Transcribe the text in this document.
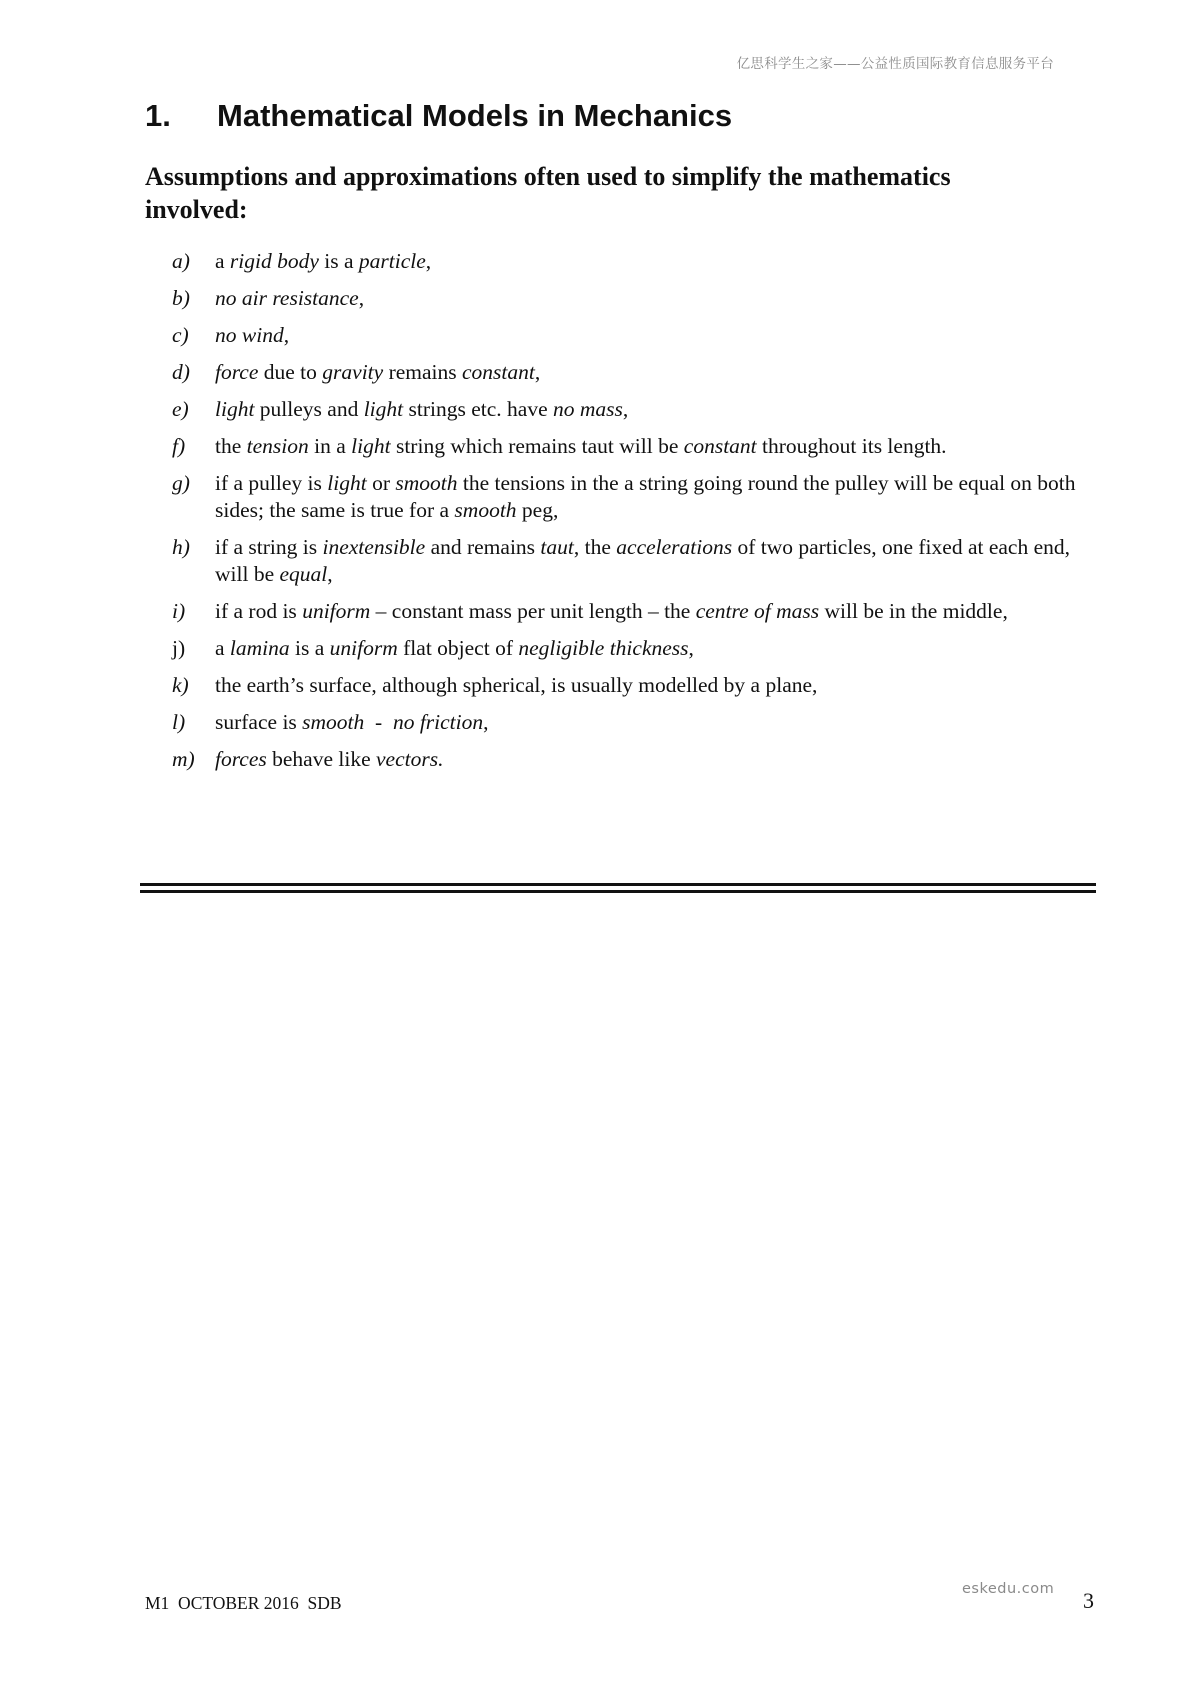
亿思科学生之家——公益性质国际教育信息服务平台
1. Mathematical Models in Mechanics
Assumptions and approximations often used to simplify the mathematics involved:
a)	a rigid body is a particle,
b)	no air resistance,
c)	no wind,
d)	force due to gravity remains constant,
e)	light pulleys and light strings etc. have no mass,
f)	the tension in a light string which remains taut will be constant throughout its length.
g)	if a pulley is light or smooth the tensions in the a string going round the pulley will be equal on both sides; the same is true for a smooth peg,
h)	if a string is inextensible and remains taut, the accelerations of two particles, one fixed at each end, will be equal,
i)	if a rod is uniform – constant mass per unit length – the centre of mass will be in the middle,
j)	a lamina is a uniform flat object of negligible thickness,
k)	the earth’s surface, although spherical, is usually modelled by a plane,
l)	surface is smooth  -  no friction,
m) forces behave like vectors.
eskedu.com
M1  OCTOBER 2016  SDB	3
